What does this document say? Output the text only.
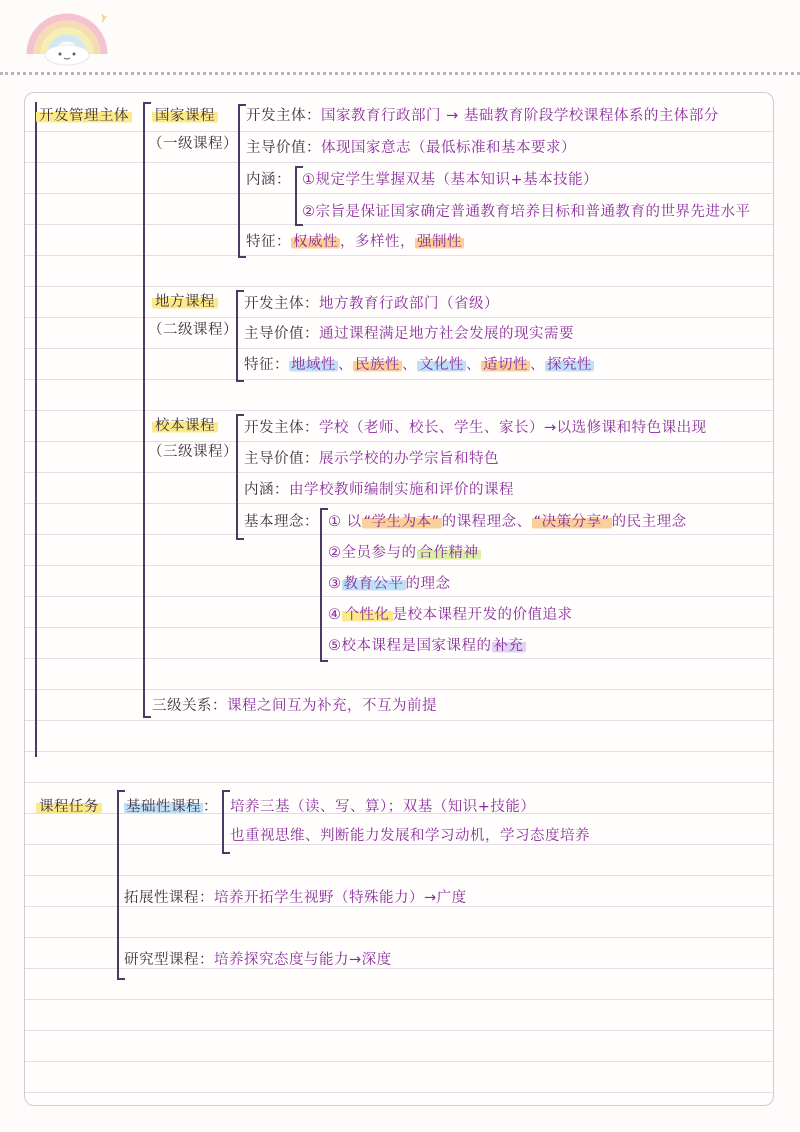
开发管理主体 国家课程
（一级课程）
开发主体：国家教育行政部门 → 基础教育阶段学校课程体系的主体部分
主导价值：体现国家意志（最低标准和基本要求）
内涵： ①规定学生掌握双基（基本知识+基本技能）
②宗旨是保证国家确定普通教育培养目标和普通教育的世界先进水平
特征： 权威性 ，多样性， 强制性
地方课程
（二级课程）
开发主体：地方教育行政部门（省级）
主导价值：通过课程满足地方社会发展的现实需要
特征： 地域性 、 民族性 、 文化性 、 适切性 、 探究性
校本课程
（三级课程）
开发主体：学校（老师、校长、学生、家长）→以选修课和特色课出现
主导价值：展示学校的办学宗旨和特色
内涵：由学校教师编制实施和评价的课程
基本理念： ① 以 “学生为本” 的课程理念、 “决策分享” 的民主理念
②全员参与的 合作精神
③ 教育公平 的理念
④ 个性化 是校本课程开发的价值追求
⑤校本课程是国家课程的 补充
三级关系：课程之间互为补充，不互为前提
课程任务 基础性课程 ： 培养三基（读、写、算）；双基（知识+技能）
也重视思维、判断能力发展和学习动机，学习态度培养
拓展性课程：培养开拓学生视野（特殊能力）→广度
研究型课程：培养探究态度与能力→深度
